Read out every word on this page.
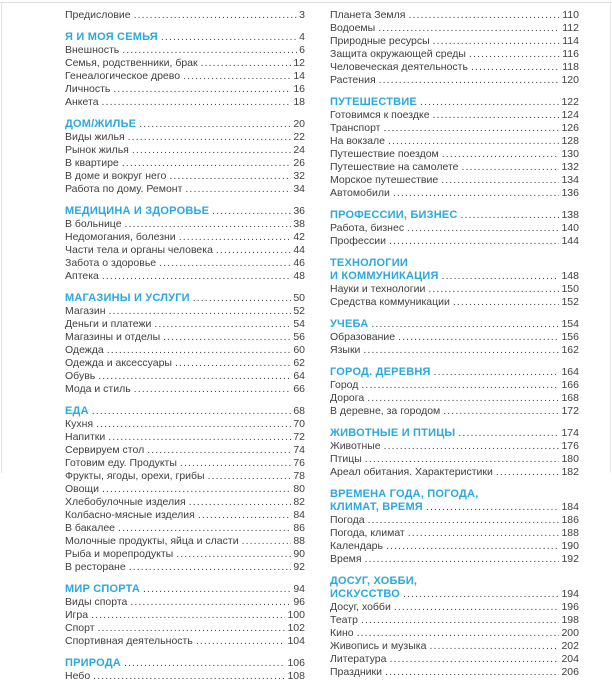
Предисловие .....	3
Я И МОЯ СЕМЬЯ .....	4
Внешность .....	6
Семья, родственники, брак .....	12
Генеалогическое древо .....	14
Личность .....	16
Анкета .....	18
ДОМ/ЖИЛЬЕ .....	20
Виды жилья .....	22
Рынок жилья .....	24
В квартире .....	26
В доме и вокруг него .....	32
Работа по дому. Ремонт .....	34
МЕДИЦИНА И ЗДОРОВЬЕ .....	36
В больнице .....	38
Недомогания, болезни .....	42
Части тела и органы человека .....	44
Забота о здоровье .....	46
Аптека .....	48
МАГАЗИНЫ И УСЛУГИ .....	50
Магазин .....	52
Деньги и платежи .....	54
Магазины и отделы .....	56
Одежда .....	60
Одежда и аксессуары .....	62
Обувь .....	64
Мода и стиль .....	66
ЕДА .....	68
Кухня .....	70
Напитки .....	72
Сервируем стол .....	74
Готовим еду. Продукты .....	76
Фрукты, ягоды, орехи, грибы .....	78
Овощи .....	80
Хлебобулочные изделия .....	82
Колбасно-мясные изделия .....	84
В бакалее .....	86
Молочные продукты, яйца и сласти .....	88
Рыба и морепродукты .....	90
В ресторане .....	92
МИР СПОРТА .....	94
Виды спорта .....	96
Игра .....	100
Спорт .....	102
Спортивная деятельность .....	104
ПРИРОДА .....	106
Небо .....	108
Планета Земля .....	110
Водоемы .....	112
Природные ресурсы .....	114
Защита окружающей среды .....	116
Человеческая деятельность .....	118
Растения .....	120
ПУТЕШЕСТВИЕ .....	122
Готовимся к поездке .....	124
Транспорт .....	126
На вокзале .....	128
Путешествие поездом .....	130
Путешествие на самолете .....	132
Морское путешествие .....	134
Автомобили .....	136
ПРОФЕССИИ, БИЗНЕС .....	138
Работа, бизнес .....	140
Профессии .....	144
ТЕХНОЛОГИИ
И КОММУНИКАЦИЯ .....	148
Науки и технологии .....	150
Средства коммуникации .....	152
УЧЕБА .....	154
Образование .....	156
Языки .....	162
ГОРОД. ДЕРЕВНЯ .....	164
Город .....	166
Дорога .....	168
В деревне, за городом .....	172
ЖИВОТНЫЕ И ПТИЦЫ .....	174
Животные .....	176
Птицы .....	180
Ареал обитания. Характеристики .....	182
ВРЕМЕНА ГОДА, ПОГОДА,
КЛИМАТ, ВРЕМЯ .....	184
Погода .....	186
Погода, климат .....	188
Календарь .....	190
Время .....	192
ДОСУГ, ХОББИ,
ИСКУССТВО .....	194
Досуг, хобби .....	196
Театр .....	198
Кино .....	200
Живопись и музыка .....	202
Литература .....	204
Праздники .....	206
